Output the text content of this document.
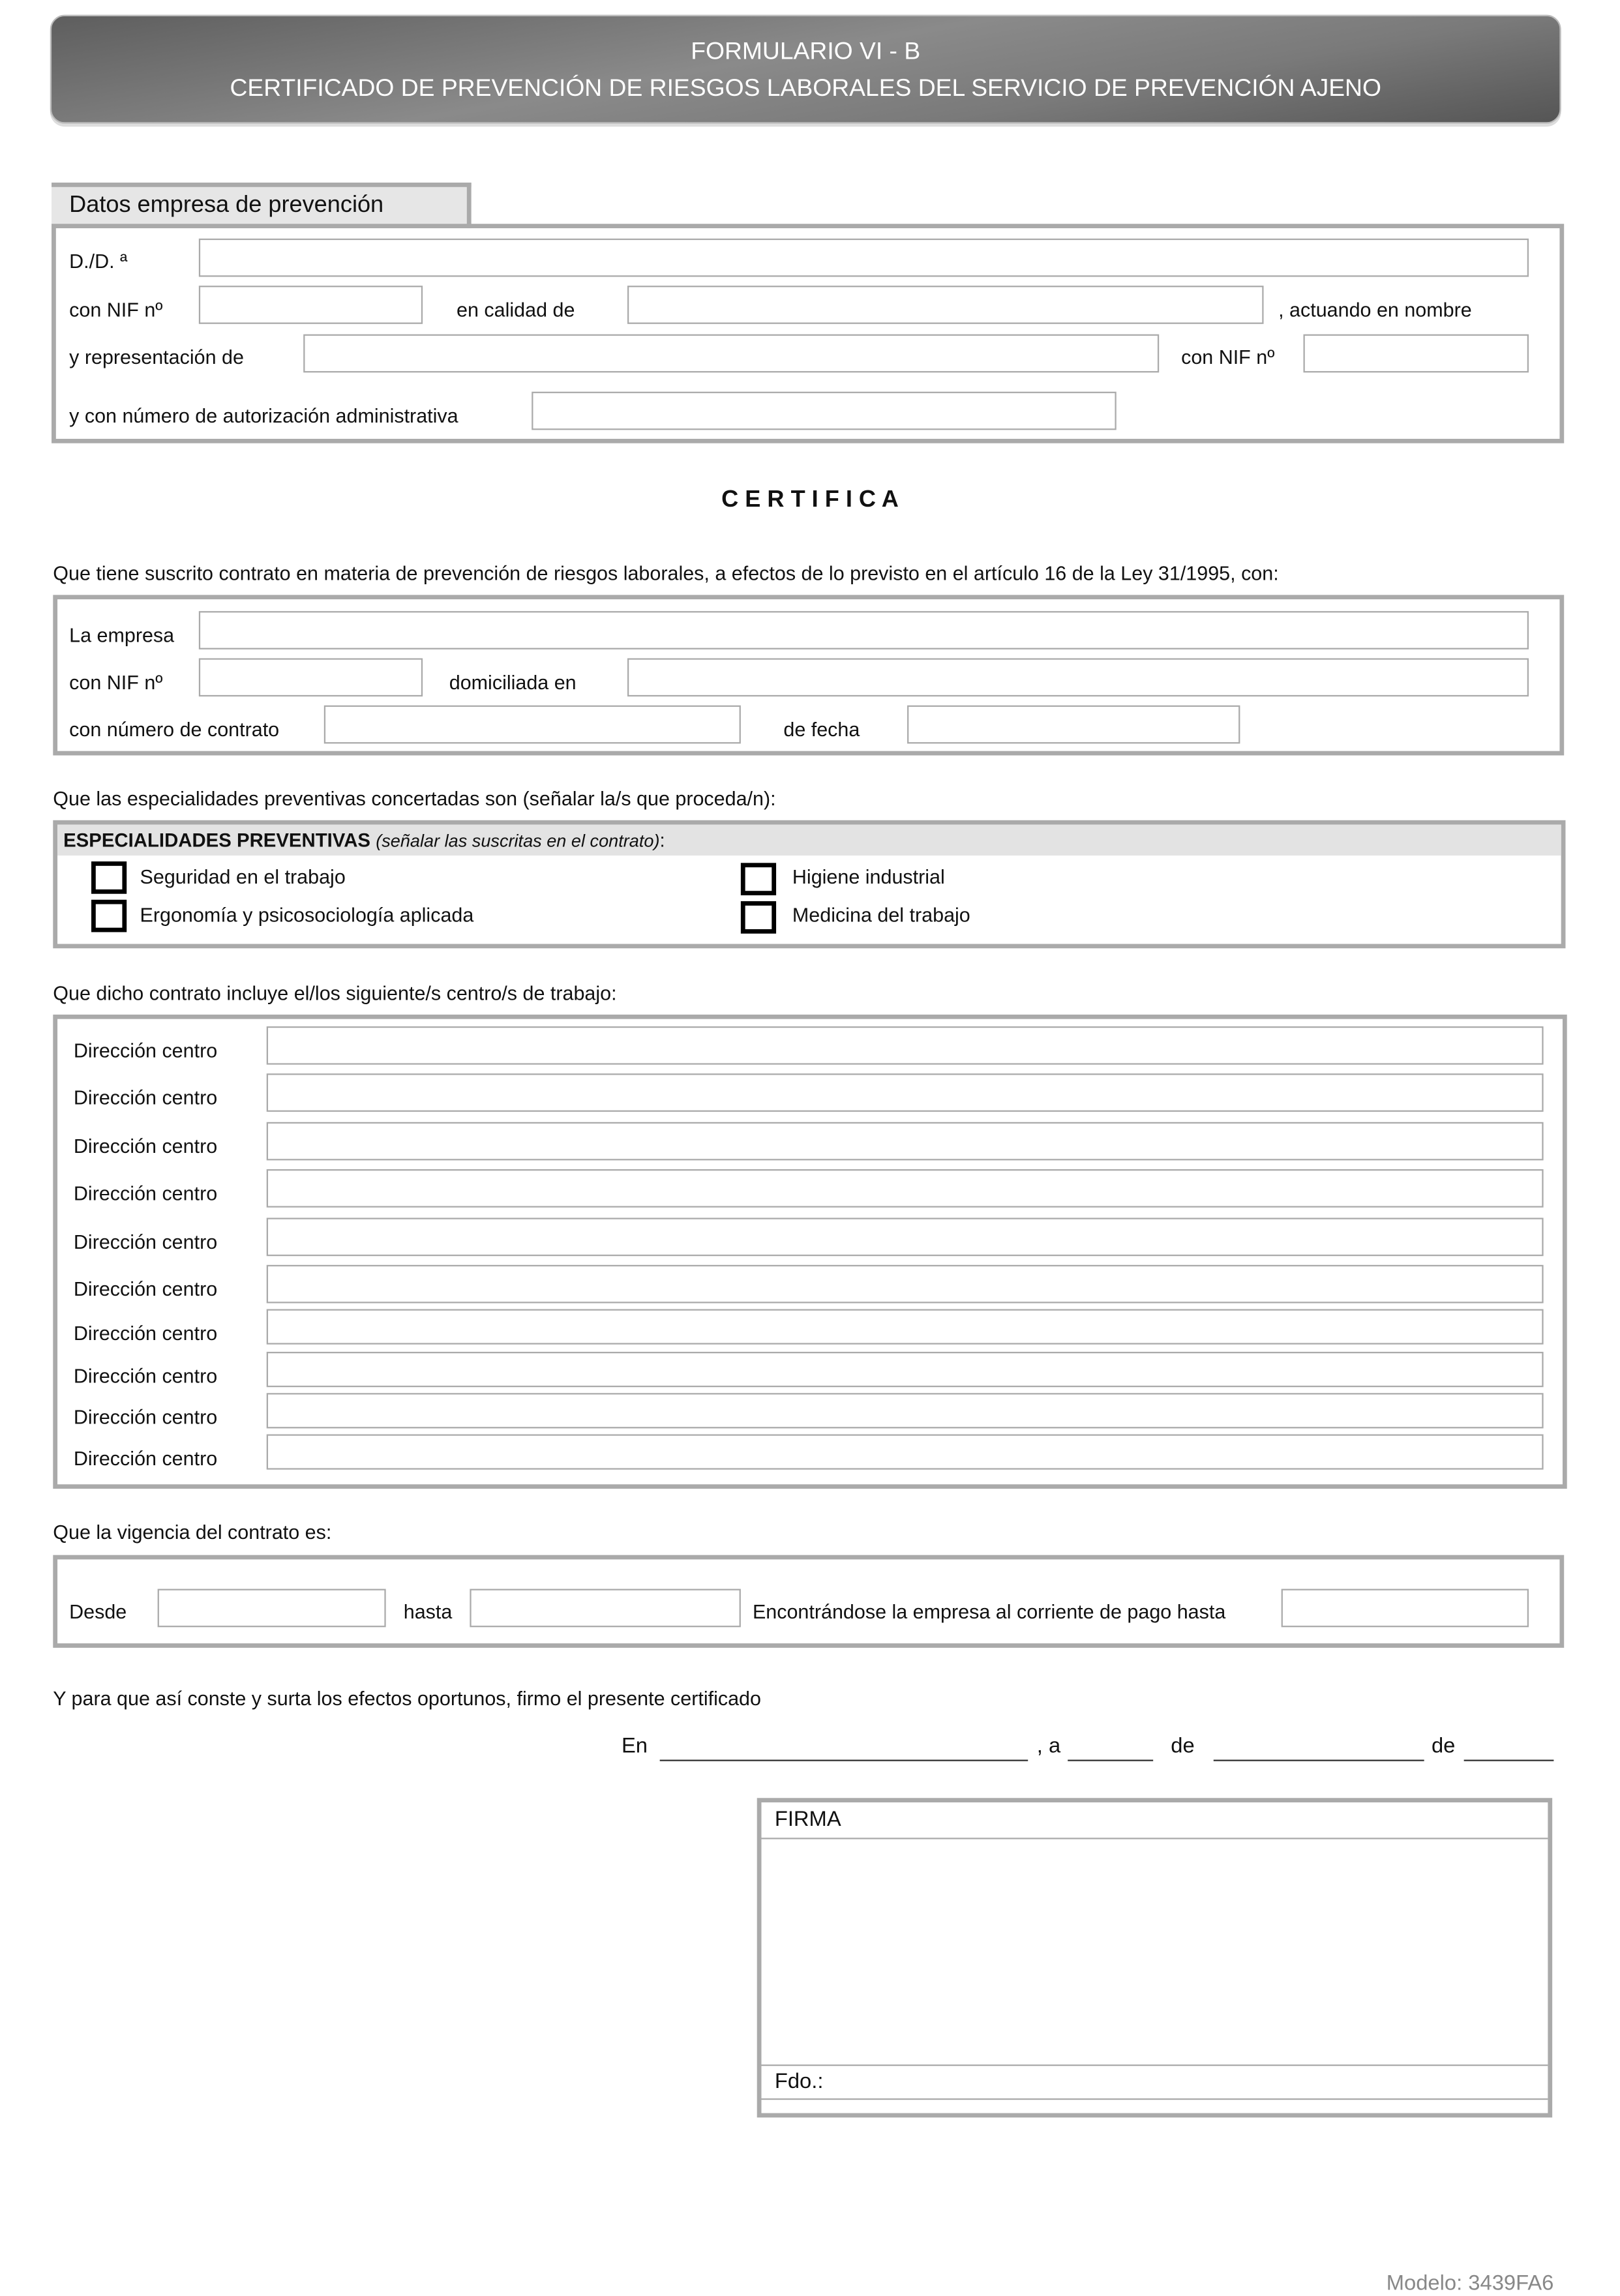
FORMULARIO VI - B
CERTIFICADO DE PREVENCIÓN DE RIESGOS LABORALES DEL SERVICIO DE PREVENCIÓN AJENO
Datos empresa de prevención
D./D. ª
con NIF nº	en calidad de	, actuando en nombre
y representación de	con NIF nº
y con número de autorización administrativa
C E R T I F I C A
Que tiene suscrito contrato en materia de prevención de riesgos laborales, a efectos de lo previsto en el artículo 16 de la Ley 31/1995, con:
La empresa
con NIF nº	domiciliada en
con número de contrato	de fecha
Que las especialidades preventivas concertadas son (señalar la/s que proceda/n):
ESPECIALIDADES PREVENTIVAS (señalar las suscritas en el contrato):
Seguridad en el trabajo	Higiene industrial
Ergonomía y psicosociología aplicada	Medicina del trabajo
Que dicho contrato incluye el/los siguiente/s centro/s de trabajo:
Dirección centro
Dirección centro
Dirección centro
Dirección centro
Dirección centro
Dirección centro
Dirección centro
Dirección centro
Dirección centro
Dirección centro
Que la vigencia del contrato es:
Desde	hasta	Encontrándose la empresa al corriente de pago hasta
Y para que así conste y surta los efectos oportunos, firmo el presente certificado
En	, a	de	de
FIRMA
Fdo.:
Modelo: 3439FA6
